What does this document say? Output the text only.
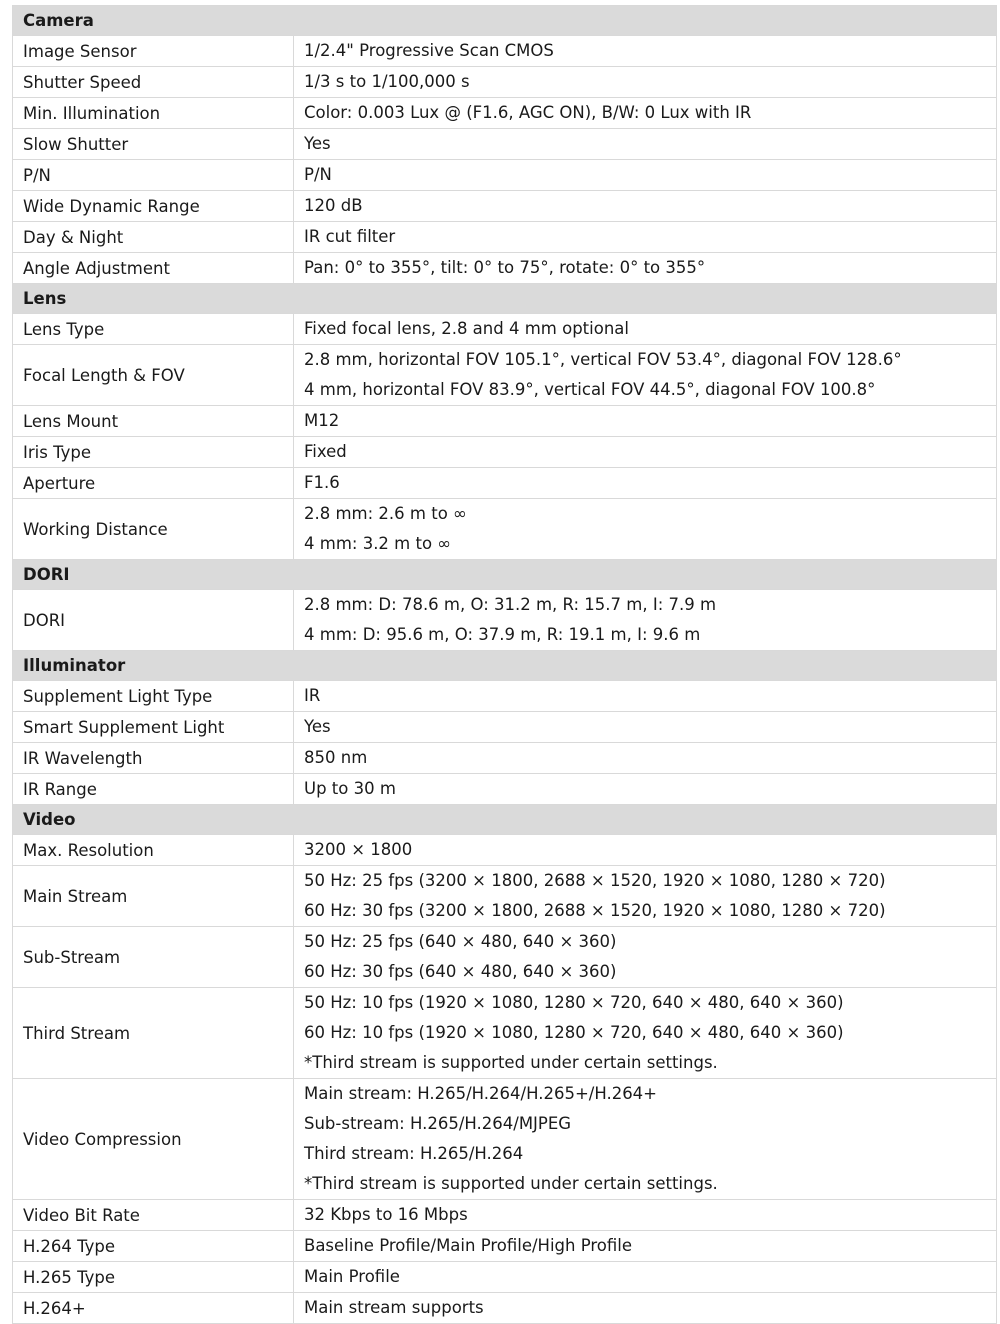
Camera	
Image Sensor	1/2.4" Progressive Scan CMOS

Shutter Speed	1/3 s to 1/100,000 s

Min. Illumination	Color: 0.003 Lux @ (F1.6, AGC ON), B/W: 0 Lux with IR

Slow Shutter	Yes

P/N	P/N

Wide Dynamic Range	120 dB

Day & Night	IR cut filter

Angle Adjustment	Pan: 0° to 355°, tilt: 0° to 75°, rotate: 0° to 355°

Lens	
Lens Type	Fixed focal lens, 2.8 and 4 mm optional

Focal Length & FOV	2.8 mm, horizontal FOV 105.1°, vertical FOV 53.4°, diagonal FOV 128.6°
4 mm, horizontal FOV 83.9°, vertical FOV 44.5°, diagonal FOV 100.8°

Lens Mount	M12

Iris Type	Fixed

Aperture	F1.6

Working Distance	2.8 mm: 2.6 m to ∞
4 mm: 3.2 m to ∞

DORI	
DORI	2.8 mm: D: 78.6 m, O: 31.2 m, R: 15.7 m, I: 7.9 m
4 mm: D: 95.6 m, O: 37.9 m, R: 19.1 m, I: 9.6 m

Illuminator	
Supplement Light Type	IR

Smart Supplement Light	Yes

IR Wavelength	850 nm

IR Range	Up to 30 m

Video	
Max. Resolution	3200 × 1800

Main Stream	50 Hz: 25 fps (3200 × 1800, 2688 × 1520, 1920 × 1080, 1280 × 720)
60 Hz: 30 fps (3200 × 1800, 2688 × 1520, 1920 × 1080, 1280 × 720)

Sub-Stream	50 Hz: 25 fps (640 × 480, 640 × 360)
60 Hz: 30 fps (640 × 480, 640 × 360)

Third Stream	50 Hz: 10 fps (1920 × 1080, 1280 × 720, 640 × 480, 640 × 360)
60 Hz: 10 fps (1920 × 1080, 1280 × 720, 640 × 480, 640 × 360)
*Third stream is supported under certain settings.

Video Compression	Main stream: H.265/H.264/H.265+/H.264+
Sub-stream: H.265/H.264/MJPEG
Third stream: H.265/H.264
*Third stream is supported under certain settings.

Video Bit Rate	32 Kbps to 16 Mbps

H.264 Type	Baseline Profile/Main Profile/High Profile

H.265 Type	Main Profile

H.264+	Main stream supports
